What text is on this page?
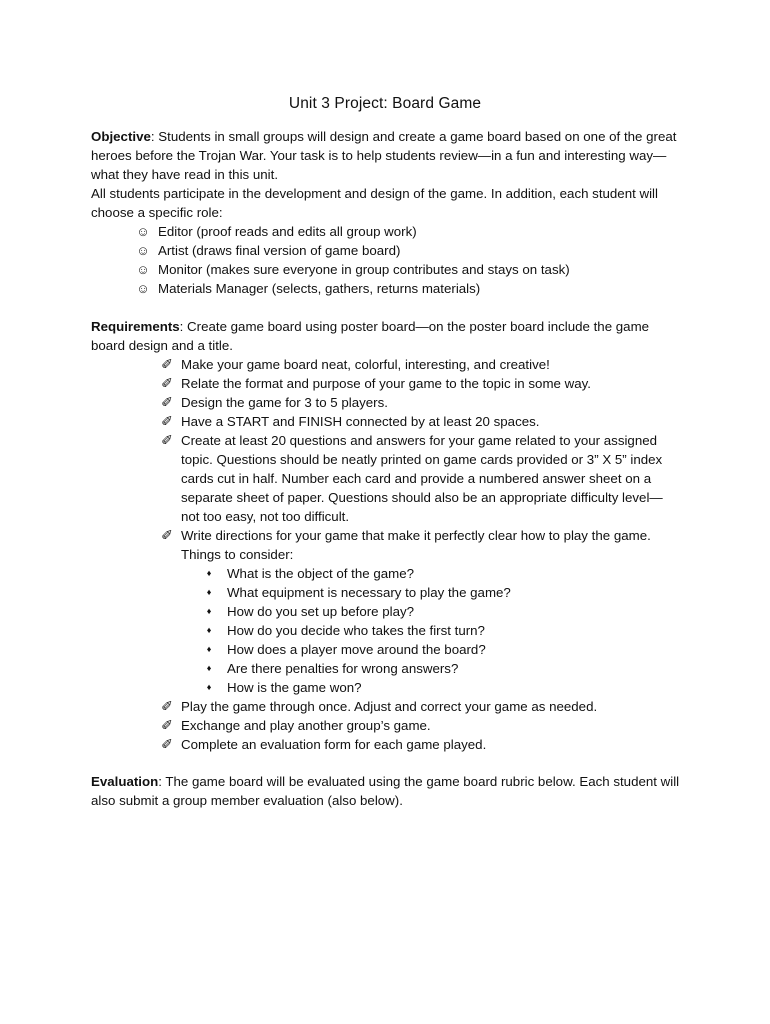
Unit 3 Project: Board Game

Objective: Students in small groups will design and create a game board based on one of the great heroes before the Trojan War. Your task is to help students review—in a fun and interesting way—what they have read in this unit.

All students participate in the development and design of the game. In addition, each student will choose a specific role:

☺ Editor (proof reads and edits all group work)
☺ Artist (draws final version of game board)
☺ Monitor (makes sure everyone in group contributes and stays on task)
☺ Materials Manager (selects, gathers, returns materials)

Requirements: Create game board using poster board—on the poster board include the game board design and a title.

✐ Make your game board neat, colorful, interesting, and creative!
✐ Relate the format and purpose of your game to the topic in some way.
✐ Design the game for 3 to 5 players.
✐ Have a START and FINISH connected by at least 20 spaces.
✐ Create at least 20 questions and answers for your game related to your assigned topic. Questions should be neatly printed on game cards provided or 3” X 5” index cards cut in half. Number each card and provide a numbered answer sheet on a separate sheet of paper. Questions should also be an appropriate difficulty level—not too easy, not too difficult.
✐ Write directions for your game that make it perfectly clear how to play the game. Things to consider:
♦ What is the object of the game?
♦ What equipment is necessary to play the game?
♦ How do you set up before play?
♦ How do you decide who takes the first turn?
♦ How does a player move around the board?
♦ Are there penalties for wrong answers?
♦ How is the game won?
✐ Play the game through once. Adjust and correct your game as needed.
✐ Exchange and play another group’s game.
✐ Complete an evaluation form for each game played.

Evaluation: The game board will be evaluated using the game board rubric below. Each student will also submit a group member evaluation (also below).
